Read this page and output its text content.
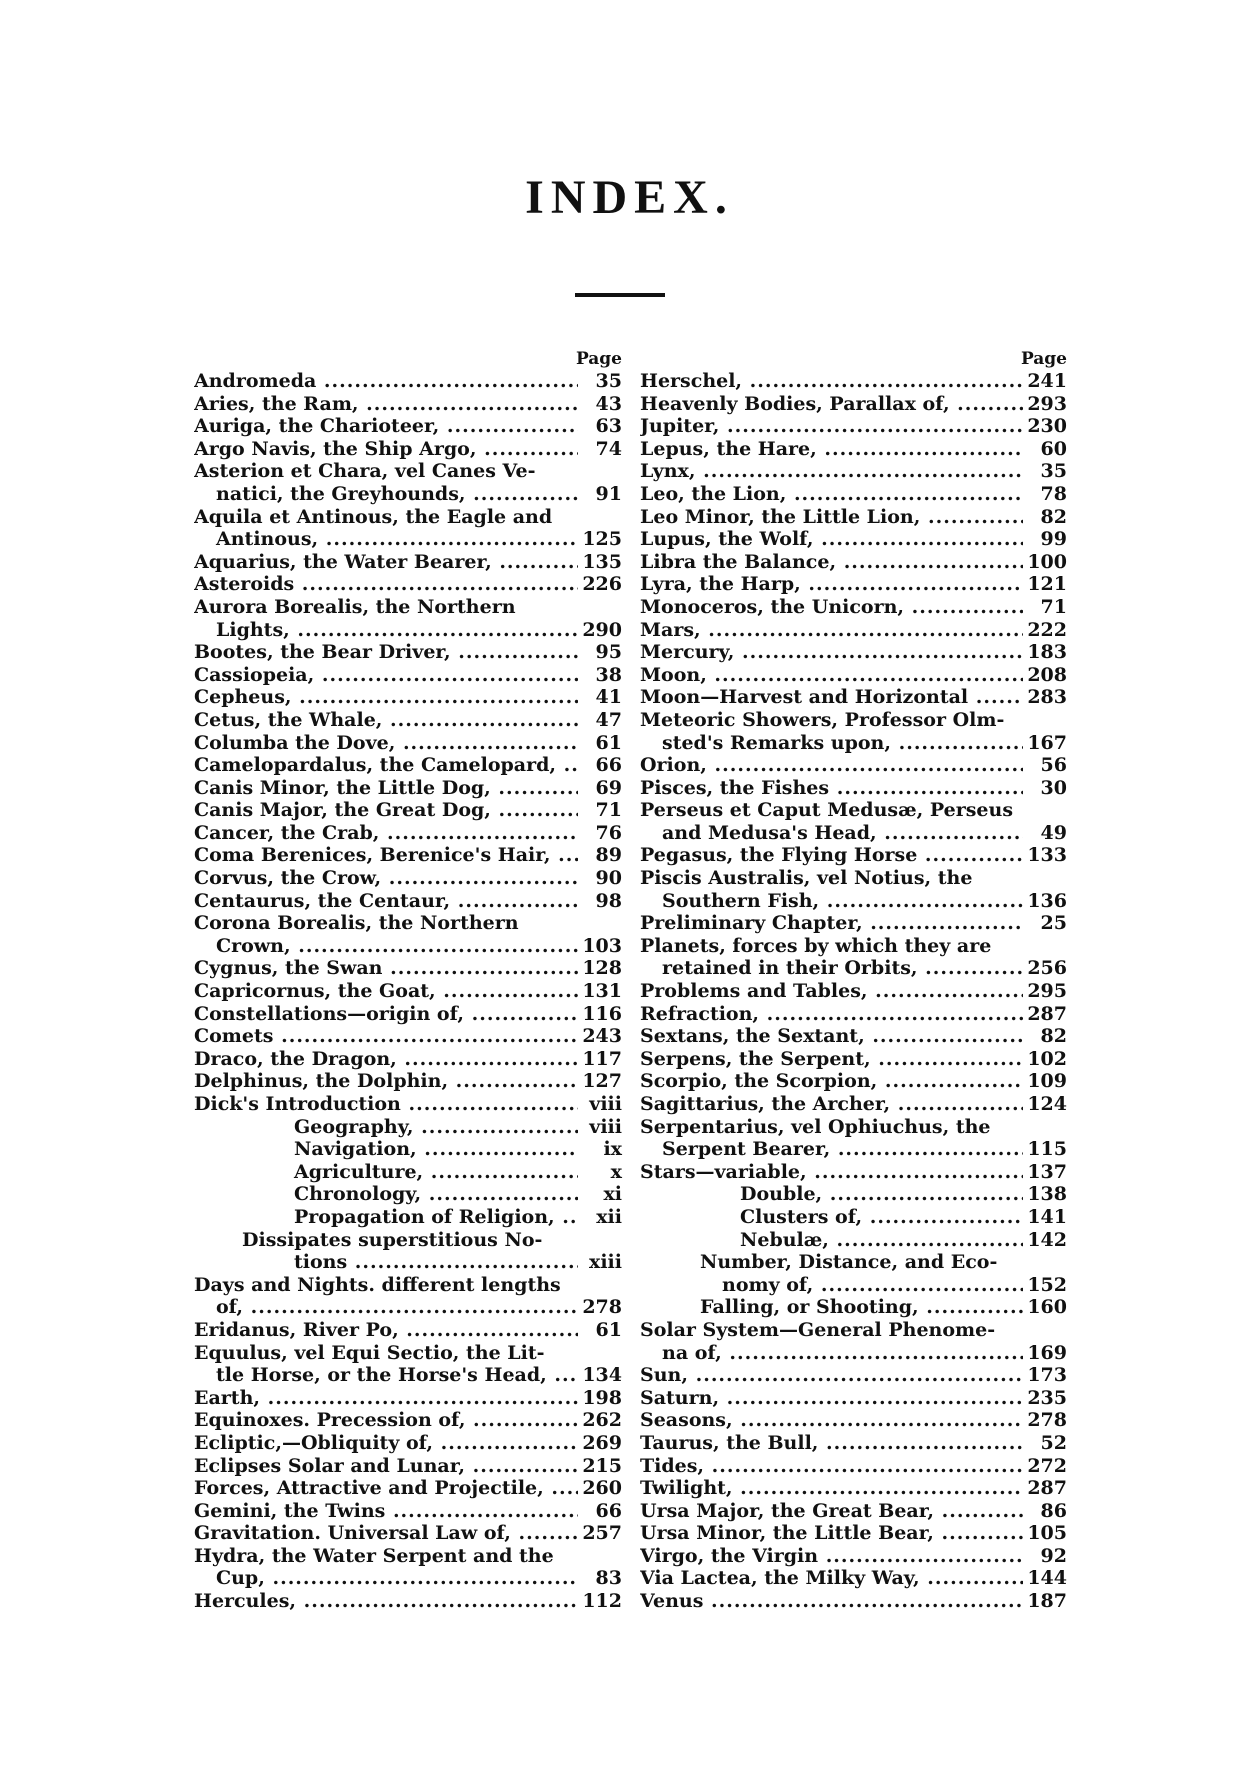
INDEX.
Page
Andromeda .....	35
Aries, the Ram, .....	43
Auriga, the Charioteer, .....	63
Argo Navis, the Ship Argo, .....	74
Asterion et Chara, vel Canes Ve-
natici, the Greyhounds, .....	91
Aquila et Antinous, the Eagle and
Antinous, .....	125
Aquarius, the Water Bearer, .....	135
Asteroids .....	226
Aurora Borealis, the Northern
Lights, .....	290
Bootes, the Bear Driver, .....	95
Cassiopeia, .....	38
Cepheus, .....	41
Cetus, the Whale, .....	47
Columba the Dove, .....	61
Camelopardalus, the Camelopard, .....	66
Canis Minor, the Little Dog, .....	69
Canis Major, the Great Dog, .....	71
Cancer, the Crab, .....	76
Coma Berenices, Berenice's Hair, .....	89
Corvus, the Crow, .....	90
Centaurus, the Centaur, .....	98
Corona Borealis, the Northern
Crown, .....	103
Cygnus, the Swan .....	128
Capricornus, the Goat, .....	131
Constellations—origin of, .....	116
Comets .....	243
Draco, the Dragon, .....	117
Delphinus, the Dolphin, .....	127
Dick's Introduction .....	viii
Geography, .....	viii
Navigation, .....	ix
Agriculture, .....	x
Chronology, .....	xi
Propagation of Religion, .....	xii
Dissipates superstitious No-
tions .....	xiii
Days and Nights. different lengths
of, .....	278
Eridanus, River Po, .....	61
Equulus, vel Equi Sectio, the Lit-
tle Horse, or the Horse's Head, .....	134
Earth, .....	198
Equinoxes. Precession of, .....	262
Ecliptic,—Obliquity of, .....	269
Eclipses Solar and Lunar, .....	215
Forces, Attractive and Projectile, .....	260
Gemini, the Twins .....	66
Gravitation. Universal Law of, .....	257
Hydra, the Water Serpent and the
Cup, .....	83
Hercules, .....	112
Page
Herschel, .....	241
Heavenly Bodies, Parallax of, .....	293
Jupiter, .....	230
Lepus, the Hare, .....	60
Lynx, .....	35
Leo, the Lion, .....	78
Leo Minor, the Little Lion, .....	82
Lupus, the Wolf, .....	99
Libra the Balance, .....	100
Lyra, the Harp, .....	121
Monoceros, the Unicorn, .....	71
Mars, .....	222
Mercury, .....	183
Moon, .....	208
Moon—Harvest and Horizontal .....	283
Meteoric Showers, Professor Olm-
sted's Remarks upon, .....	167
Orion, .....	56
Pisces, the Fishes .....	30
Perseus et Caput Medusæ, Perseus
and Medusa's Head, .....	49
Pegasus, the Flying Horse .....	133
Piscis Australis, vel Notius, the
Southern Fish, .....	136
Preliminary Chapter, .....	25
Planets, forces by which they are
retained in their Orbits, .....	256
Problems and Tables, .....	295
Refraction, .....	287
Sextans, the Sextant, .....	82
Serpens, the Serpent, .....	102
Scorpio, the Scorpion, .....	109
Sagittarius, the Archer, .....	124
Serpentarius, vel Ophiuchus, the
Serpent Bearer, .....	115
Stars—variable, .....	137
Double, .....	138
Clusters of, .....	141
Nebulæ, .....	142
Number, Distance, and Eco-
nomy of, .....	152
Falling, or Shooting, .....	160
Solar System—General Phenome-
na of, .....	169
Sun, .....	173
Saturn, .....	235
Seasons, .....	278
Taurus, the Bull, .....	52
Tides, .....	272
Twilight, .....	287
Ursa Major, the Great Bear, .....	86
Ursa Minor, the Little Bear, .....	105
Virgo, the Virgin .....	92
Via Lactea, the Milky Way, .....	144
Venus .....	187
